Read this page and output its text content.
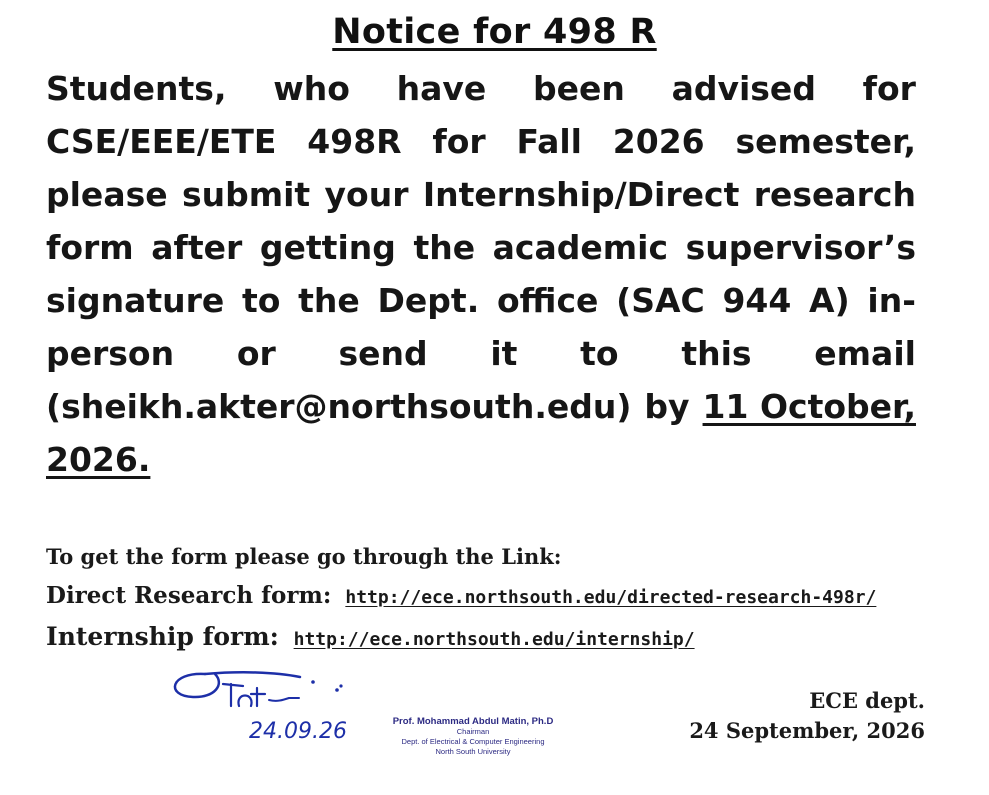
Notice for 498 R
Students, who have been advised for
CSE/EEE/ETE 498R for Fall 2026 semester,
please submit your Internship/Direct research
form after getting the academic supervisor’s
signature to the Dept. office (SAC 944 A) in-
person or send it to this email
(sheikh.akter@northsouth.edu) by 11 October,
2026.
To get the form please go through the Link:
Direct Research form: http://ece.northsouth.edu/directed-research-498r/
Internship form: http://ece.northsouth.edu/internship/
24.09.26	Prof. Mohammad Abdul Matin, Ph.D
Chairman
Dept. of Electrical & Computer Engineering
North South University
ECE dept.
24 September, 2026
